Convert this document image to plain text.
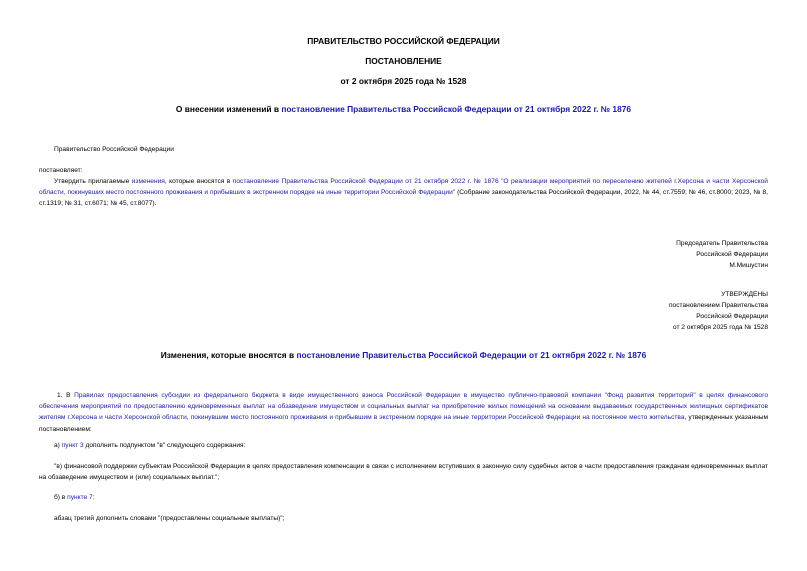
ПРАВИТЕЛЬСТВО РОССИЙСКОЙ ФЕДЕРАЦИИ
ПОСТАНОВЛЕНИЕ
от 2 октября 2025 года № 1528
О внесении изменений в постановление Правительства Российской Федерации от 21 октября 2022 г. № 1876
Правительство Российской Федерации
постановляет:
Утвердить прилагаемые изменения, которые вносятся в постановление Правительства Российской Федерации от 21 октября 2022 г. № 1876 "О реализации мероприятий по переселению жителей г.Херсона и части Херсонской области, покинувших место постоянного проживания и прибывших в экстренном порядке на иные территории Российской Федерации" (Собрание законодательства Российской Федерации, 2022, № 44, ст.7559; № 46, ст.8000; 2023, № 8, ст.1319; № 31, ст.6071; № 45, ст.8077).
Председатель Правительства
Российской Федерации
М.Мишустин
УТВЕРЖДЕНЫ
постановлением Правительства
Российской Федерации
от 2 октября 2025 года № 1528
Изменения, которые вносятся в постановление Правительства Российской Федерации от 21 октября 2022 г. № 1876
1. В Правилах предоставления субсидии из федерального бюджета в виде имущественного взноса Российской Федерации в имущество публично-правовой компании "Фонд развития территорий" в целях финансового обеспечения мероприятий по предоставлению единовременных выплат на обзаведение имуществом и социальных выплат на приобретение жилых помещений на основании выдаваемых государственных жилищных сертификатов жителям г.Херсона и части Херсонской области, покинувшим место постоянного проживания и прибывшим в экстренном порядке на иные территории Российской Федерации на постоянное место жительства, утвержденных указанным постановлением:
а) пункт 3 дополнить подпунктом "в" следующего содержания:
"в) финансовой поддержки субъектам Российской Федерации в целях предоставления компенсации в связи с исполнением вступивших в законную силу судебных актов в части предоставления гражданам единовременных выплат на обзаведение имуществом и (или) социальных выплат.";
б) в пункте 7:
абзац третий дополнить словами "(предоставлены социальные выплаты)";
